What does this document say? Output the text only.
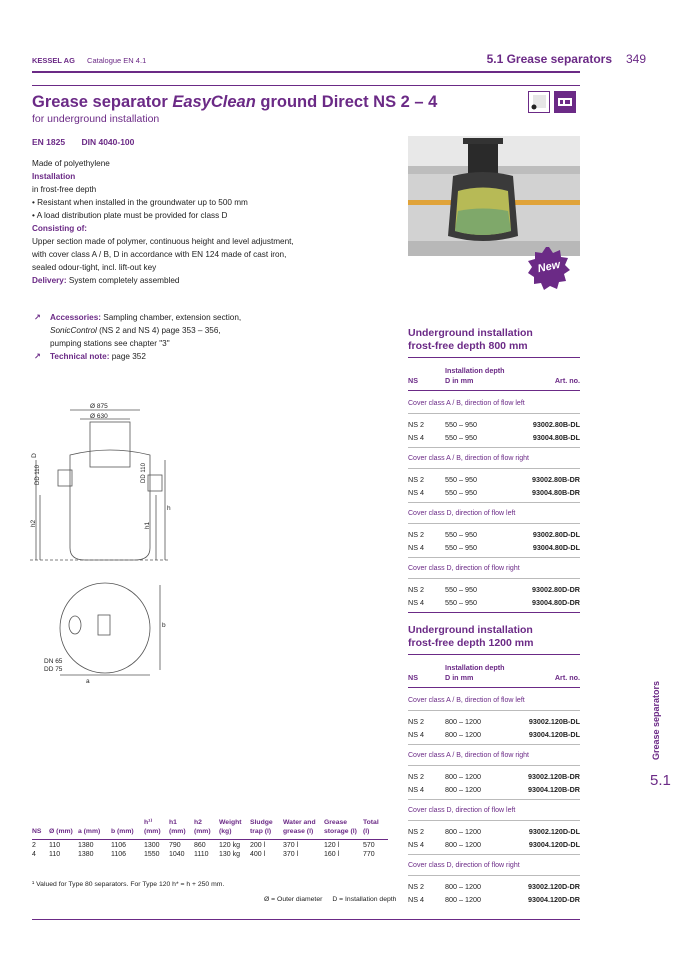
KESSEL AG Catalogue EN 4.1	5.1 Grease separators 349
Grease separator EasyClean ground Direct NS 2 – 4
for underground installation
EN 1825 DIN 4040-100
Made of polyethylene
Installation
in frost-free depth
• Resistant when installed in the groundwater up to 500 mm
• A load distribution plate must be provided for class D
Consisting of:
Upper section made of polymer, continuous height and level adjustment,
with cover class A / B, D in accordance with EN 124 made of cast iron,
sealed odour-tight, incl. lift-out key
Delivery: System completely assembled
↗	Accessories: Sampling chamber, extension section,
SonicControl (NS 2 and NS 4) page 353 – 356,
pumping stations see chapter "3"
↗	Technical note: page 352
New
Ø 875
Ø 630
D
DD 110	DD 110
h
h1
h2
b
a
DN 65
DD 75
Underground installation
frost-free depth 800 mm
Installation depth
NS	D in mm	Art. no.
Cover class A / B, direction of flow left
NS 2	550 – 950	93002.80B-DL
NS 4	550 – 950	93004.80B-DL
Cover class A / B, direction of flow right
NS 2	550 – 950	93002.80B-DR
NS 4	550 – 950	93004.80B-DR
Cover class D, direction of flow left
NS 2	550 – 950	93002.80D-DL
NS 4	550 – 950	93004.80D-DL
Cover class D, direction of flow right
NS 2	550 – 950	93002.80D-DR
NS 4	550 – 950	93004.80D-DR
Underground installation
frost-free depth 1200 mm
Installation depth
NS	D in mm	Art. no.
Cover class A / B, direction of flow left
NS 2	800 – 1200	93002.120B-DL
NS 4	800 – 1200	93004.120B-DL
Cover class A / B, direction of flow right
NS 2	800 – 1200	93002.120B-DR
NS 4	800 – 1200	93004.120B-DR
Cover class D, direction of flow left
NS 2	800 – 1200	93002.120D-DL
NS 4	800 – 1200	93004.120D-DL
Cover class D, direction of flow right
NS 2	800 – 1200	93002.120D-DR
NS 4	800 – 1200	93004.120D-DR
NS	Ø (mm)	a (mm)	b (mm)	h¹⁾ (mm)	h1 (mm)	h2 (mm)	Weight (kg)	Sludge trap (l)	Water and grease (l)	Grease storage (l)	Total (l)
2	110	1380	1106	1300	790	860	120 kg	200 l	370 l	120 l	570
4	110	1380	1106	1550	1040	1110	130 kg	400 l	370 l	160 l	770
¹ Valued for Type 80 separators. For Type 120 h* = h + 250 mm.
Ø = Outer diameter D = Installation depth
Grease separators
5.1
